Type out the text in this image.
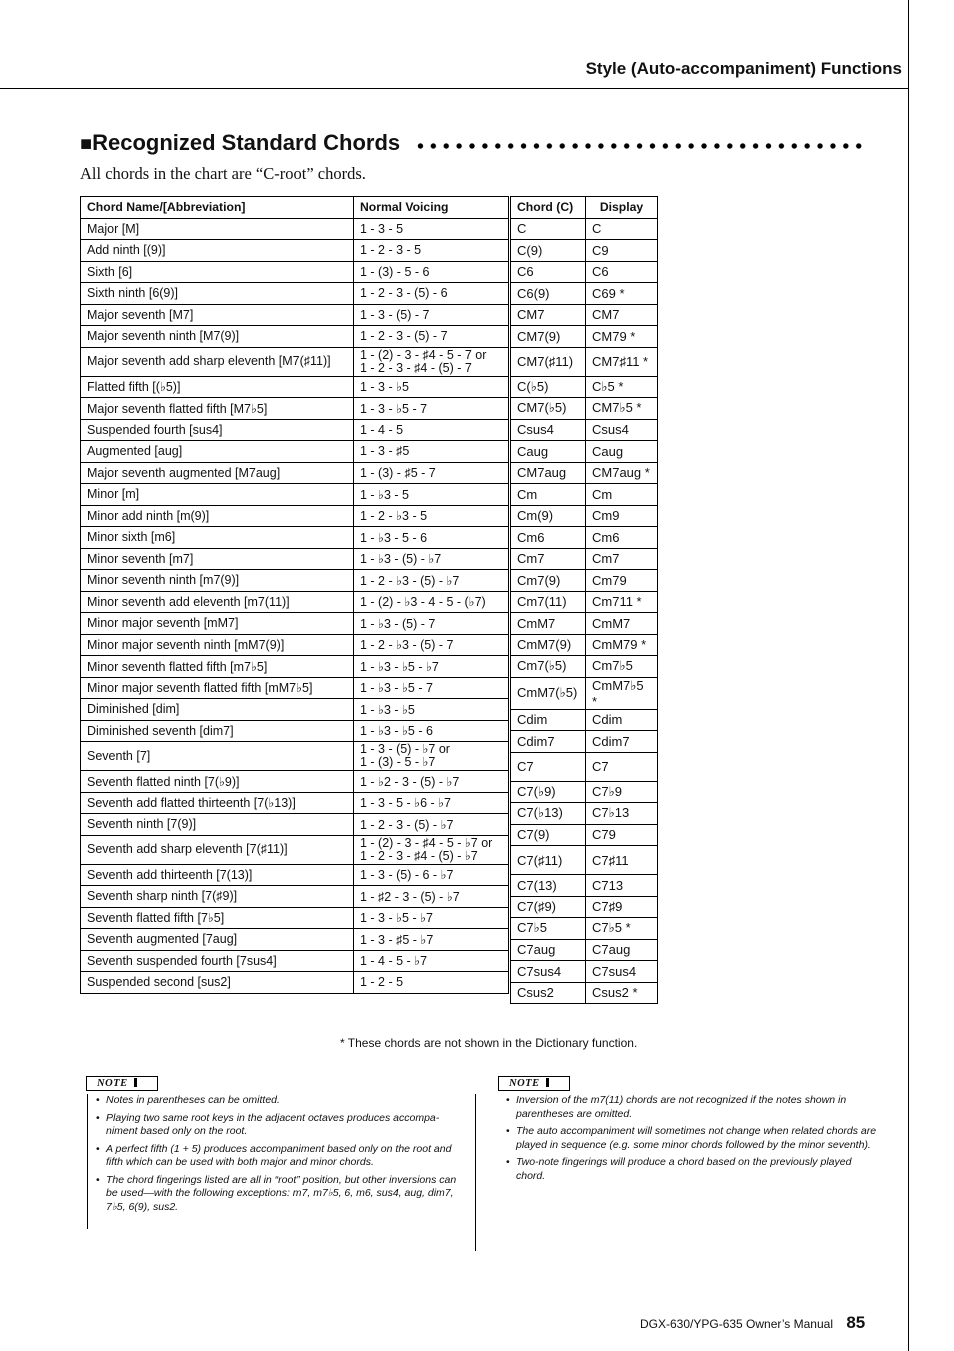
Style (Auto-accompaniment) Functions
■Recognized Standard Chords
All chords in the chart are “C-root” chords.
Chord Name/[Abbreviation]	Normal Voicing
Major [M]	1 - 3 - 5
Add ninth [(9)]	1 - 2 - 3 - 5
Sixth [6]	1 - (3) - 5 - 6
Sixth ninth [6(9)]	1 - 2 - 3 - (5) - 6
Major seventh [M7]	1 - 3 - (5) - 7
Major seventh ninth [M7(9)]	1 - 2 - 3 - (5) - 7
Major seventh add sharp eleventh [M7(♯11)]	1 - (2) - 3 - ♯4 - 5 - 7 or
1 - 2 - 3 - ♯4 - (5) - 7
Flatted fifth [(♭5)]	1 - 3 - ♭5
Major seventh flatted fifth [M7♭5]	1 - 3 - ♭5 - 7
Suspended fourth [sus4]	1 - 4 - 5
Augmented [aug]	1 - 3 - ♯5
Major seventh augmented [M7aug]	1 - (3) - ♯5 - 7
Minor [m]	1 - ♭3 - 5
Minor add ninth [m(9)]	1 - 2 - ♭3 - 5
Minor sixth [m6]	1 - ♭3 - 5 - 6
Minor seventh [m7]	1 - ♭3 - (5) - ♭7
Minor seventh ninth [m7(9)]	1 - 2 - ♭3 - (5) - ♭7
Minor seventh add eleventh [m7(11)]	1 - (2) - ♭3 - 4 - 5 - (♭7)
Minor major seventh [mM7]	1 - ♭3 - (5) - 7
Minor major seventh ninth [mM7(9)]	1 - 2 - ♭3 - (5) - 7
Minor seventh flatted fifth [m7♭5]	1 - ♭3 - ♭5 - ♭7
Minor major seventh flatted fifth [mM7♭5]	1 - ♭3 - ♭5 - 7
Diminished [dim]	1 - ♭3 - ♭5
Diminished seventh [dim7]	1 - ♭3 - ♭5 - 6
Seventh [7]	1 - 3 - (5) - ♭7 or
1 - (3) - 5 - ♭7
Seventh flatted ninth [7(♭9)]	1 - ♭2 - 3 - (5) - ♭7
Seventh add flatted thirteenth [7(♭13)]	1 - 3 - 5 - ♭6 - ♭7
Seventh ninth [7(9)]	1 - 2 - 3 - (5) - ♭7
Seventh add sharp eleventh [7(♯11)]	1 - (2) - 3 - ♯4 - 5 - ♭7 or
1 - 2 - 3 - ♯4 - (5) - ♭7
Seventh add thirteenth [7(13)]	1 - 3 - (5) - 6 - ♭7
Seventh sharp ninth [7(♯9)]	1 - ♯2 - 3 - (5) - ♭7
Seventh flatted fifth [7♭5]	1 - 3 - ♭5 - ♭7
Seventh augmented [7aug]	1 - 3 - ♯5 - ♭7
Seventh suspended fourth [7sus4]	1 - 4 - 5 - ♭7
Suspended second [sus2]	1 - 2 - 5
Chord (C)	Display
C	C
C(9)	C9
C6	C6
C6(9)	C69 *
CM7	CM7
CM7(9)	CM79 *
CM7(♯11)	CM7♯11 *
C(♭5)	C♭5 *
CM7(♭5)	CM7♭5 *
Csus4	Csus4
Caug	Caug
CM7aug	CM7aug *
Cm	Cm
Cm(9)	Cm9
Cm6	Cm6
Cm7	Cm7
Cm7(9)	Cm79
Cm7(11)	Cm711 *
CmM7	CmM7
CmM7(9)	CmM79 *
Cm7(♭5)	Cm7♭5
CmM7(♭5)	CmM7♭5 *
Cdim	Cdim
Cdim7	Cdim7
C7	C7
C7(♭9)	C7♭9
C7(♭13)	C7♭13
C7(9)	C79
C7(♯11)	C7♯11
C7(13)	C713
C7(♯9)	C7♯9
C7♭5	C7♭5 *
C7aug	C7aug
C7sus4	C7sus4
Csus2	Csus2 *
* These chords are not shown in the Dictionary function.
NOTE
• Notes in parentheses can be omitted.
• Playing two same root keys in the adjacent octaves produces accompa- niment based only on the root.
• A perfect fifth (1 + 5) produces accompaniment based only on the root and fifth which can be used with both major and minor chords.
• The chord fingerings listed are all in “root” position, but other inversions can be used—with the following exceptions: m7, m7♭5, 6, m6, sus4, aug, dim7, 7♭5, 6(9), sus2.
NOTE
• Inversion of the m7(11) chords are not recognized if the notes shown in parentheses are omitted.
• The auto accompaniment will sometimes not change when related chords are played in sequence (e.g. some minor chords followed by the minor seventh).
• Two-note fingerings will produce a chord based on the previously played chord.
DGX-630/YPG-635 Owner’s Manual 85
